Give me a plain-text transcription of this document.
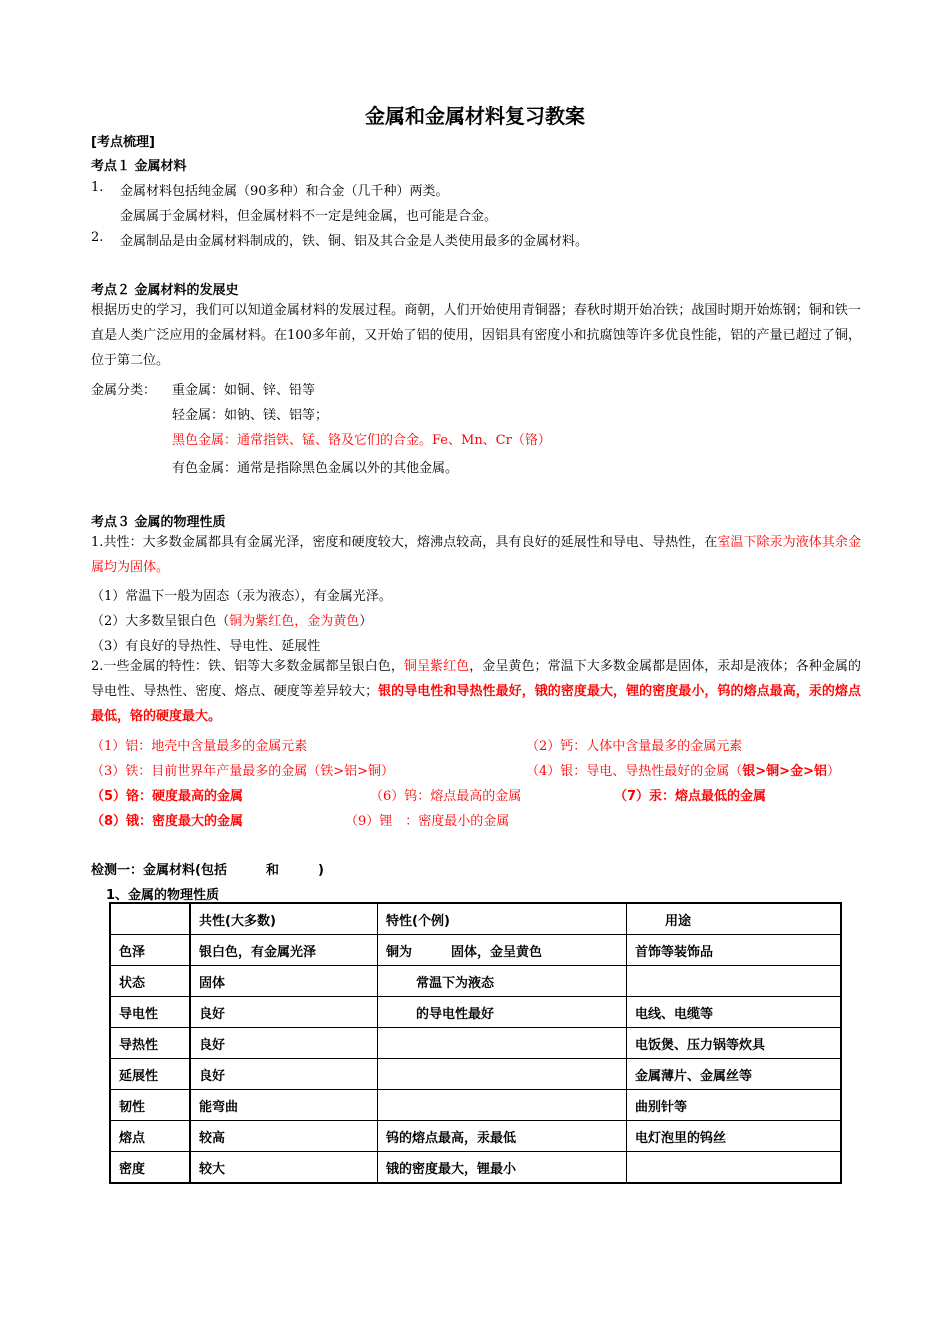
金属和金属材料复习教案
[考点梳理]
考点１ 金属材料
1. 金属材料包括纯金属（90多种）和合金（几千种）两类。
金属属于金属材料，但金属材料不一定是纯金属，也可能是合金。
2. 金属制品是由金属材料制成的，铁、铜、铝及其合金是人类使用最多的金属材料。
考点２ 金属材料的发展史
根据历史的学习，我们可以知道金属材料的发展过程。商朝，人们开始使用青铜器；春秋时期开始冶铁；战国时期开始炼钢；铜和铁一直是人类广泛应用的金属材料。在100多年前，又开始了铝的使用，因铝具有密度小和抗腐蚀等许多优良性能，铝的产量已超过了铜，位于第二位。
金属分类： 重金属：如铜、锌、铅等
轻金属：如钠、镁、铝等；
黑色金属：通常指铁、锰、铬及它们的合金。Fe、Mn、Cr（铬）
有色金属：通常是指除黑色金属以外的其他金属。
考点３ 金属的物理性质
1.共性：大多数金属都具有金属光泽，密度和硬度较大，熔沸点较高，具有良好的延展性和导电、导热性，在室温下除汞为液体其余金属均为固体。
（1）常温下一般为固态（汞为液态），有金属光泽。
（2）大多数呈银白色（铜为紫红色，金为黄色）
（3）有良好的导热性、导电性、延展性
2.一些金属的特性：铁、铝等大多数金属都呈银白色，铜呈紫红色，金呈黄色；常温下大多数金属都是固体，汞却是液体；各种金属的导电性、导热性、密度、熔点、硬度等差异较大；银的导电性和导热性最好，锇的密度最大，锂的密度最小，钨的熔点最高，汞的熔点最低，铬的硬度最大。
（1）铝：地壳中含量最多的金属元素	（2）钙：人体中含量最多的金属元素
（3）铁：目前世界年产量最多的金属（铁>铝>铜）	（4）银：导电、导热性最好的金属（银>铜>金>铝）
（5）铬：硬度最高的金属	（6）钨：熔点最高的金属	（7）汞：熔点最低的金属
（8）锇：密度最大的金属	（9）锂　：密度最小的金属
检测一：金属材料(包括　　　和　　　)
1、金属的物理性质
	共性(大多数)	特性(个例)	用途
色泽	银白色，有金属光泽	铜为　　　固体，金呈黄色	首饰等装饰品
状态	固体	常温下为液态	
导电性	良好	的导电性最好	电线、电缆等
导热性	良好		电饭煲、压力锅等炊具
延展性	良好		金属薄片、金属丝等
韧性	能弯曲		曲别针等
熔点	较高	钨的熔点最高，汞最低	电灯泡里的钨丝
密度	较大	锇的密度最大，锂最小	
